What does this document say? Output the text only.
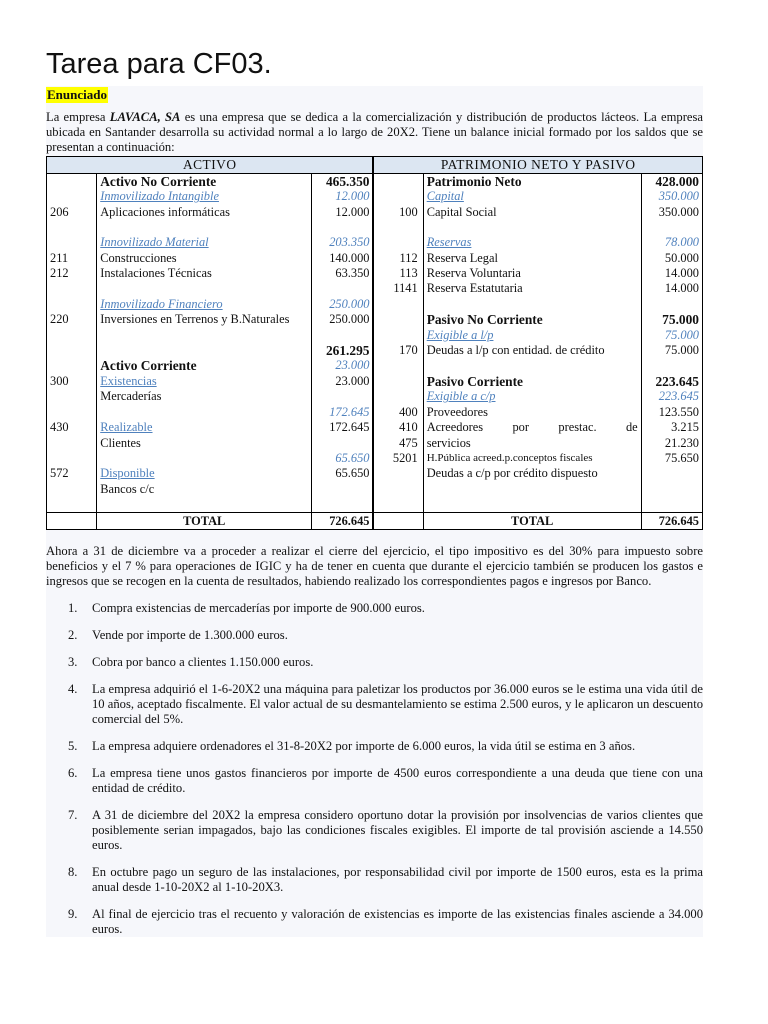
Tarea para CF03.
Enunciado

La empresa LAVACA, SA es una empresa que se dedica a la comercialización y distribución de productos lácteos. La empresa ubicada en Santander desarrolla su actividad normal a lo largo de 20X2. Tiene un balance inicial formado por los saldos que se presentan a continuación:

ACTIVO			PATRIMONIO NETO Y PASIVO		
	Activo No Corriente	465.350		Patrimonio Neto	428.000
	Inmovilizado Intangible	12.000		Capital	350.000
206	Aplicaciones informáticas	12.000	100	Capital Social	350.000

	Innovilizado Material	203.350		Reservas	78.000
211	Construcciones	140.000	112	Reserva Legal	50.000
212	Instalaciones Técnicas	63.350	113	Reserva Voluntaria	14.000
			1141	Reserva Estatutaria	14.000
	Inmovilizado Financiero	250.000			
220	Inversiones en Terrenos y B.Naturales	250.000		Pasivo No Corriente	75.000
				Exigible a l/p	75.000
		261.295	170	Deudas a l/p con entidad. de crédito	75.000
	Activo Corriente	23.000			
300	Existencias	23.000		Pasivo Corriente	223.645
	Mercaderías			Exigible a c/p	223.645
		172.645	400	Proveedores	123.550
430	Realizable	172.645	410	Acreedores por prestac. de	3.215
	Clientes		475	servicios	21.230
		65.650	5201	H.Pública acreed.p.conceptos fiscales	75.650
572	Disponible	65.650		Deudas a c/p por crédito dispuesto	
	Bancos c/c				

	TOTAL	726.645		TOTAL	726.645

Ahora a 31 de diciembre va a proceder a realizar el cierre del ejercicio, el tipo impositivo es del 30% para impuesto sobre beneficios y el 7 % para operaciones de IGIC y ha de tener en cuenta que durante el ejercicio también se producen los gastos e ingresos que se recogen en la cuenta de resultados, habiendo realizado los correspondientes pagos e ingresos por Banco.

1. Compra existencias de mercaderías por importe de 900.000 euros.
2. Vende por importe de 1.300.000 euros.
3. Cobra por banco a clientes 1.150.000 euros.
4. La empresa adquirió el 1-6-20X2 una máquina para paletizar los productos por 36.000 euros se le estima una vida útil de 10 años, aceptado fiscalmente. El valor actual de su desmantelamiento se estima 2.500 euros, y le aplicaron un descuento comercial del 5%.
5. La empresa adquiere ordenadores el 31-8-20X2 por importe de 6.000 euros, la vida útil se estima en 3 años.
6. La empresa tiene unos gastos financieros por importe de 4500 euros correspondiente a una deuda que tiene con una entidad de crédito.
7. A 31 de diciembre del 20X2 la empresa considero oportuno dotar la provisión por insolvencias de varios clientes que posiblemente serian impagados, bajo las condiciones fiscales exigibles. El importe de tal provisión asciende a 14.550 euros.
8. En octubre pago un seguro de las instalaciones, por responsabilidad civil por importe de 1500 euros, esta es la prima anual desde 1-10-20X2 al 1-10-20X3.
9. Al final de ejercicio tras el recuento y valoración de existencias es importe de las existencias finales asciende a 34.000 euros.
